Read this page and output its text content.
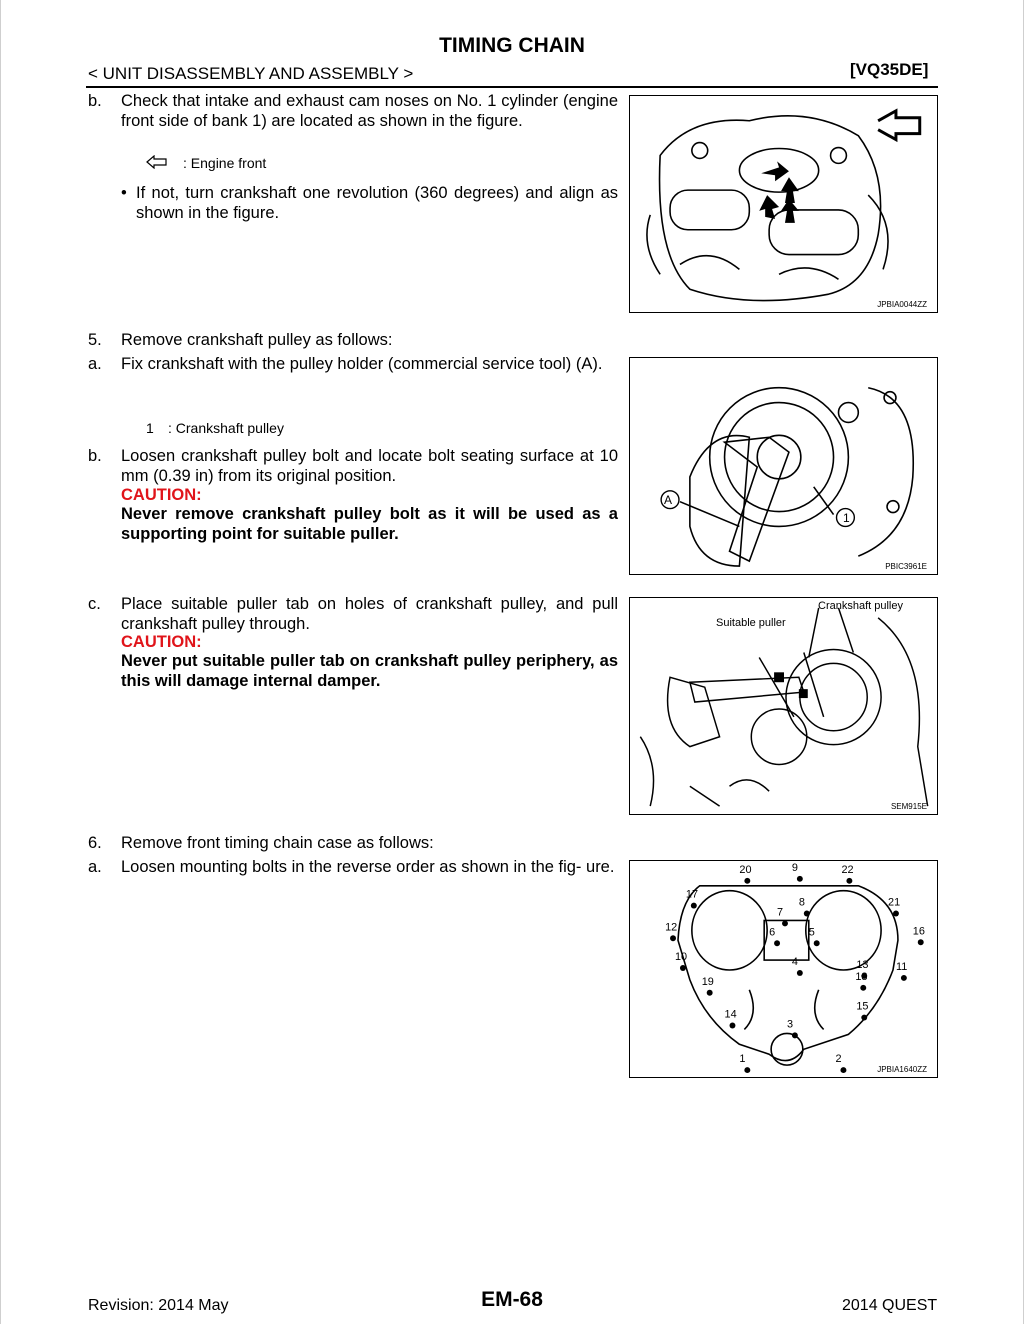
TIMING CHAIN
< UNIT DISASSEMBLY AND ASSEMBLY >	[VQ35DE]
b. Check that intake and exhaust cam noses on No. 1 cylinder (engine front side of bank 1) are located as shown in the figure.
: Engine front
• If not, turn crankshaft one revolution (360 degrees) and align as shown in the figure.
JPBIA0044ZZ
5. Remove crankshaft pulley as follows:
a. Fix crankshaft with the pulley holder (commercial service tool) (A).
1 : Crankshaft pulley
b. Loosen crankshaft pulley bolt and locate bolt seating surface at 10 mm (0.39 in) from its original position.
CAUTION:
Never remove crankshaft pulley bolt as it will be used as a supporting point for suitable puller.
A
1
PBIC3961E
c. Place suitable puller tab on holes of crankshaft pulley, and pull crankshaft pulley through.
CAUTION:
Never put suitable puller tab on crankshaft pulley periphery, as this will damage internal damper.
Crankshaft pulley
Suitable puller
SEM915E
6. Remove front timing chain case as follows:
a. Loosen mounting bolts in the reverse order as shown in the fig- ure.
1	2
3
4
5
6
7
8
9
10
11
12
13
14
15
16
17
18
19
20
21
22
JPBIA1640ZZ
Revision: 2014 May	EM-68	2014 QUEST
